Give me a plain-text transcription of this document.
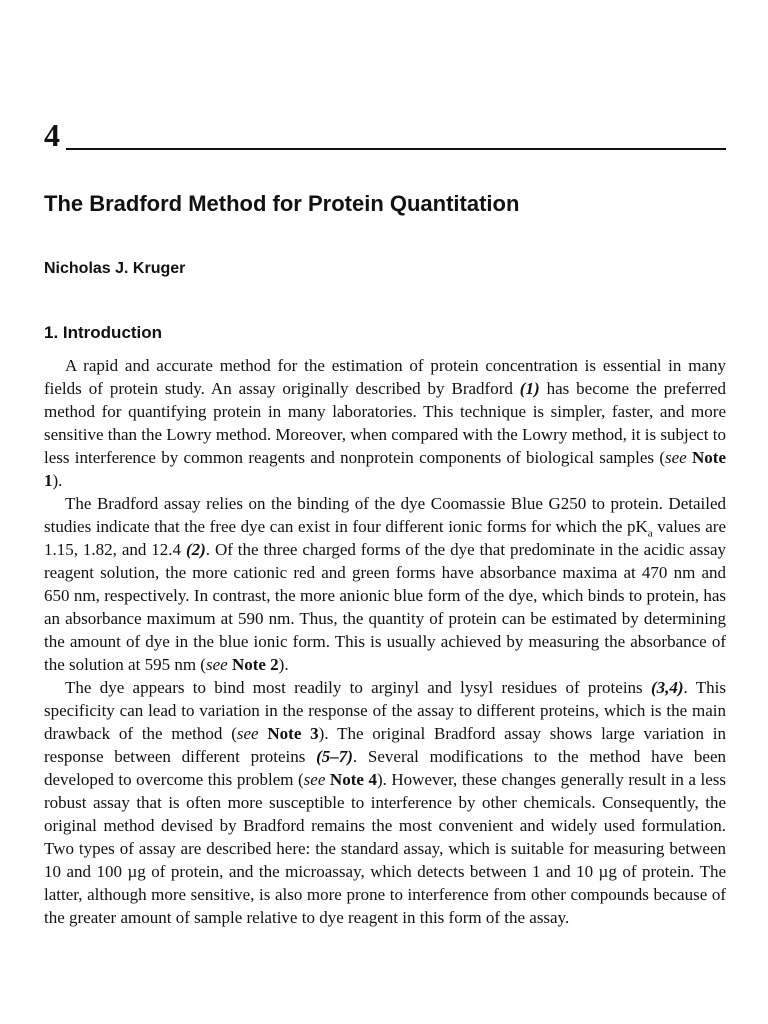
4
The Bradford Method for Protein Quantitation
Nicholas J. Kruger
1. Introduction

A rapid and accurate method for the estimation of protein concentration is essential in many fields of protein study. An assay originally described by Bradford (1) has become the preferred method for quantifying protein in many laboratories. This technique is simpler, faster, and more sensitive than the Lowry method. Moreover, when compared with the Lowry method, it is subject to less interference by common reagents and nonprotein components of biological samples (see Note 1).

The Bradford assay relies on the binding of the dye Coomassie Blue G250 to protein. Detailed studies indicate that the free dye can exist in four different ionic forms for which the $pK_a$ values are 1.15, 1.82, and 12.4 (2). Of the three charged forms of the dye that predominate in the acidic assay reagent solution, the more cationic red and green forms have absorbance maxima at 470 nm and 650 nm, respectively. In contrast, the more anionic blue form of the dye, which binds to protein, has an absorbance maximum at 590 nm. Thus, the quantity of protein can be estimated by determining the amount of dye in the blue ionic form. This is usually achieved by measuring the absorbance of the solution at 595 nm (see Note 2).

The dye appears to bind most readily to arginyl and lysyl residues of proteins (3,4). This specificity can lead to variation in the response of the assay to different proteins, which is the main drawback of the method (see Note 3). The original Bradford assay shows large variation in response between different proteins (5–7). Several modifications to the method have been developed to overcome this problem (see Note 4). However, these changes generally result in a less robust assay that is often more susceptible to interference by other chemicals. Consequently, the original method devised by Bradford remains the most convenient and widely used formulation. Two types of assay are described here: the standard assay, which is suitable for measuring between 10 and 100 µg of protein, and the microassay, which detects between 1 and 10 µg of protein. The latter, although more sensitive, is also more prone to interference from other compounds because of the greater amount of sample relative to dye reagent in this form of the assay.
